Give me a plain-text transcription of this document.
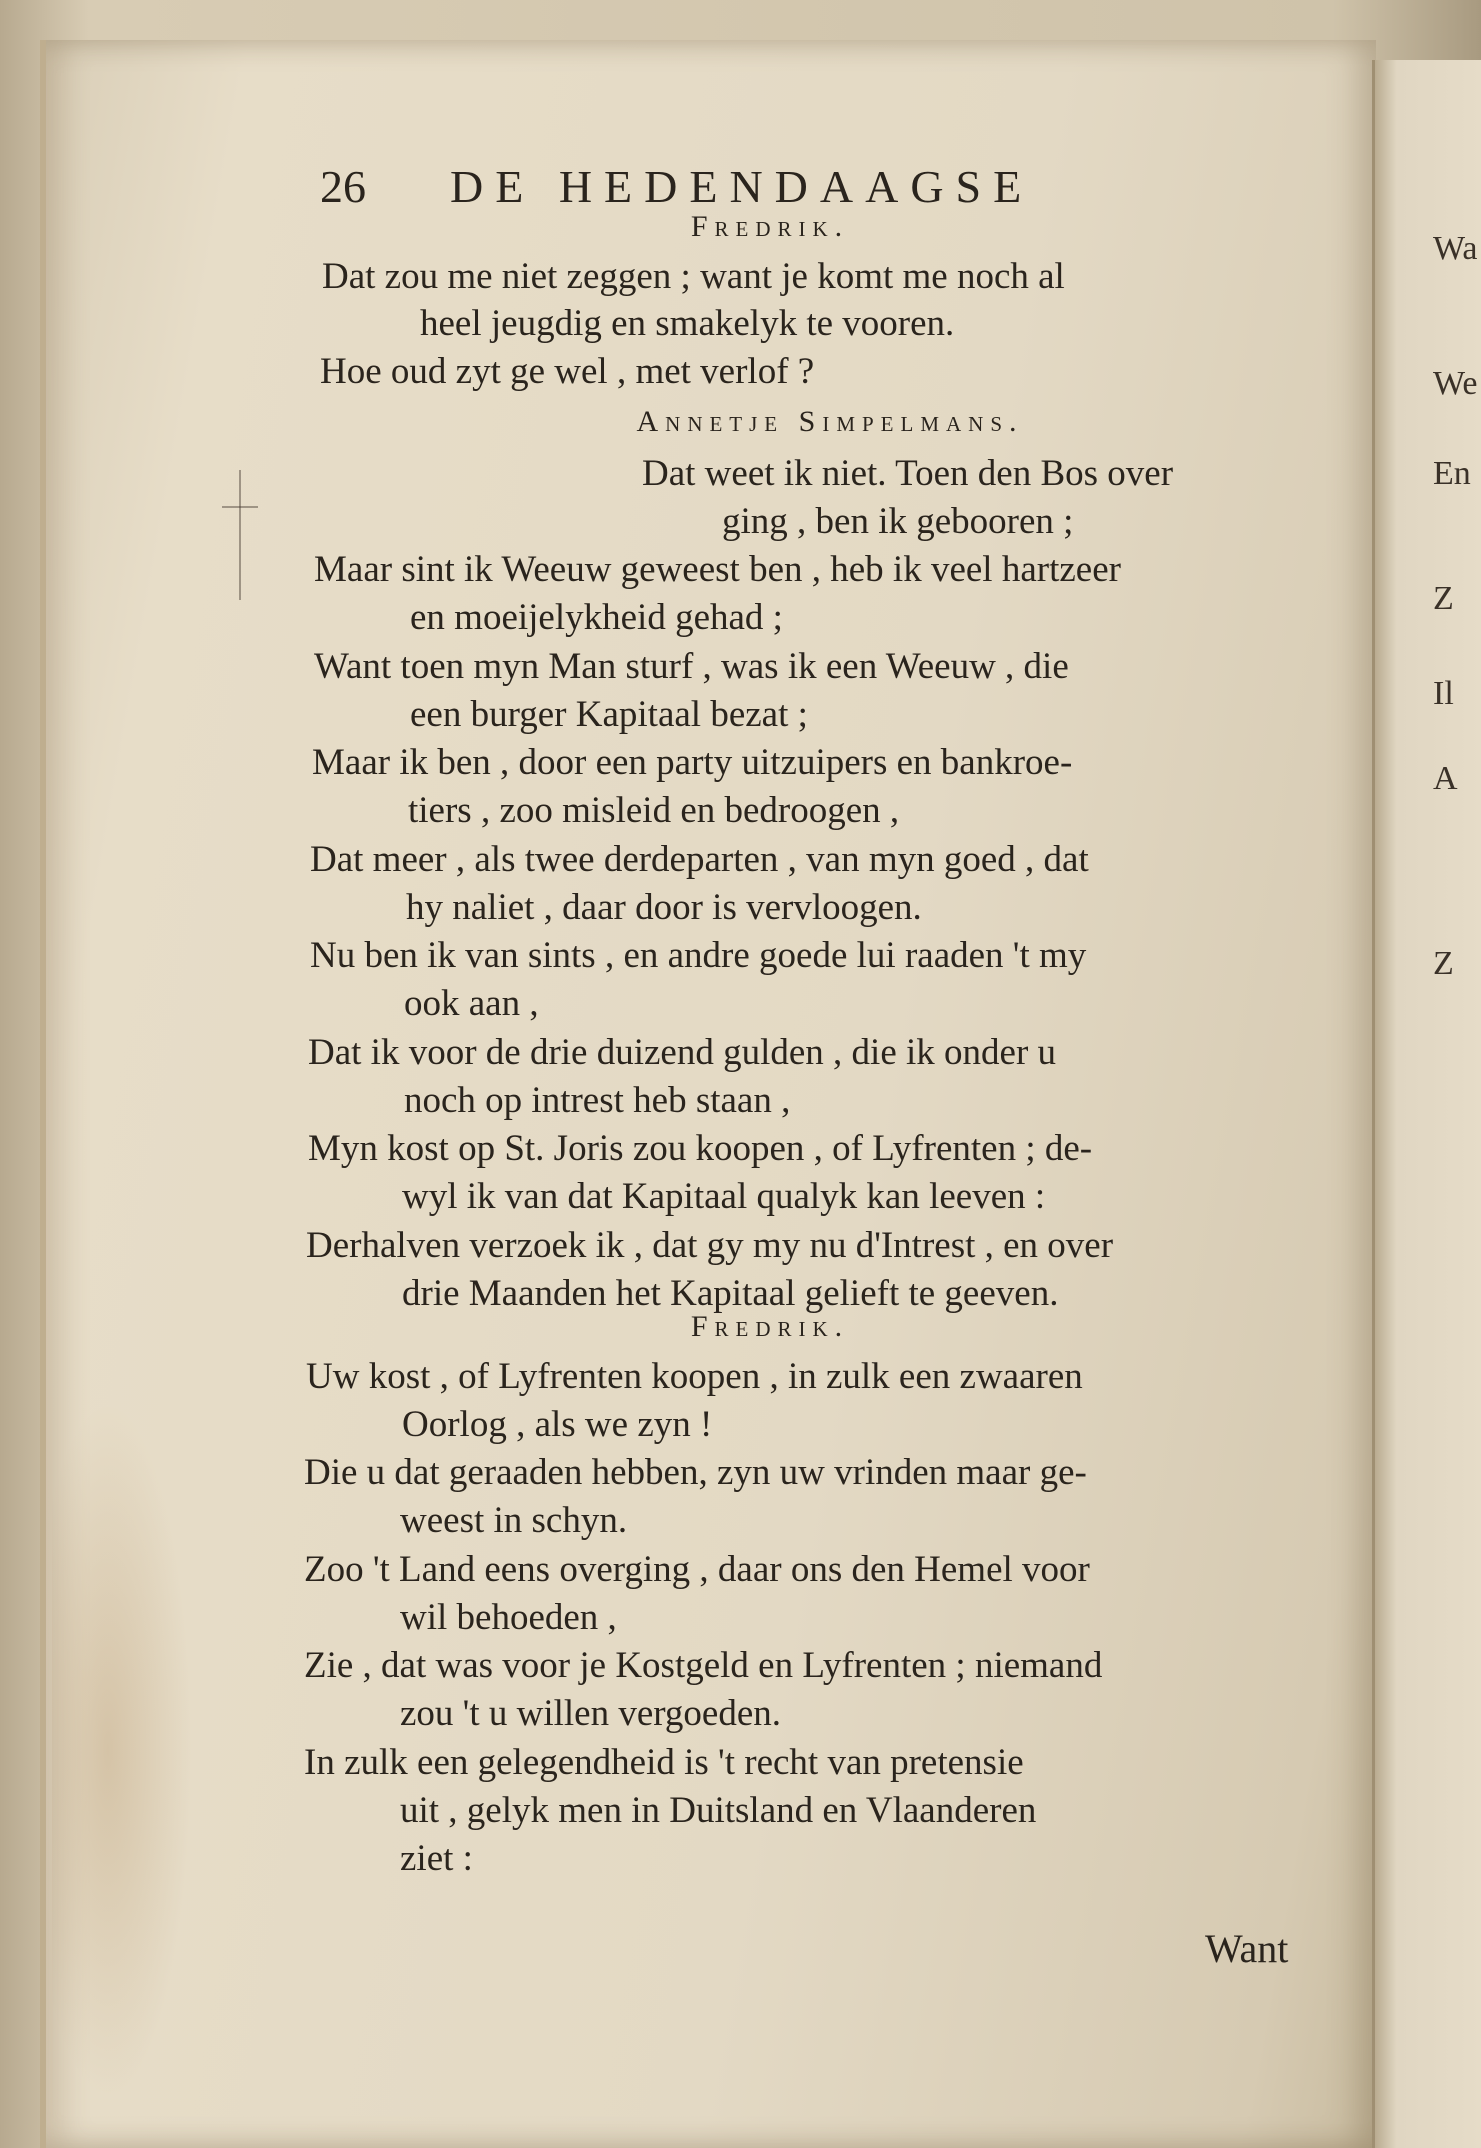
Wa
We
En
Z
Il
A
Z
26 DE HEDENDAAGSE
Fredrik.
Dat zou me niet zeggen ; want je komt me noch al
heel jeugdig en smakelyk te vooren.
Hoe oud zyt ge wel , met verlof ?
Annetje Simpelmans.
Dat weet ik niet. Toen den Bos over
ging , ben ik gebooren ;
Maar sint ik Weeuw geweest ben , heb ik veel hartzeer
en moeijelykheid gehad ;
Want toen myn Man sturf , was ik een Weeuw , die
een burger Kapitaal bezat ;
Maar ik ben , door een party uitzuipers en bankroe-
tiers , zoo misleid en bedroogen ,
Dat meer , als twee derdeparten , van myn goed , dat
hy naliet , daar door is vervloogen.
Nu ben ik van sints , en andre goede lui raaden 't my
ook aan ,
Dat ik voor de drie duizend gulden , die ik onder u
noch op intrest heb staan ,
Myn kost op St. Joris zou koopen , of Lyfrenten ; de-
wyl ik van dat Kapitaal qualyk kan leeven :
Derhalven verzoek ik , dat gy my nu d'Intrest , en over
drie Maanden het Kapitaal gelieft te geeven.
Fredrik.
Uw kost , of Lyfrenten koopen , in zulk een zwaaren
Oorlog , als we zyn !
Die u dat geraaden hebben, zyn uw vrinden maar ge-
weest in schyn.
Zoo 't Land eens overging , daar ons den Hemel voor
wil behoeden ,
Zie , dat was voor je Kostgeld en Lyfrenten ; niemand
zou 't u willen vergoeden.
In zulk een gelegendheid is 't recht van pretensie
uit , gelyk men in Duitsland en Vlaanderen
ziet :
Want
